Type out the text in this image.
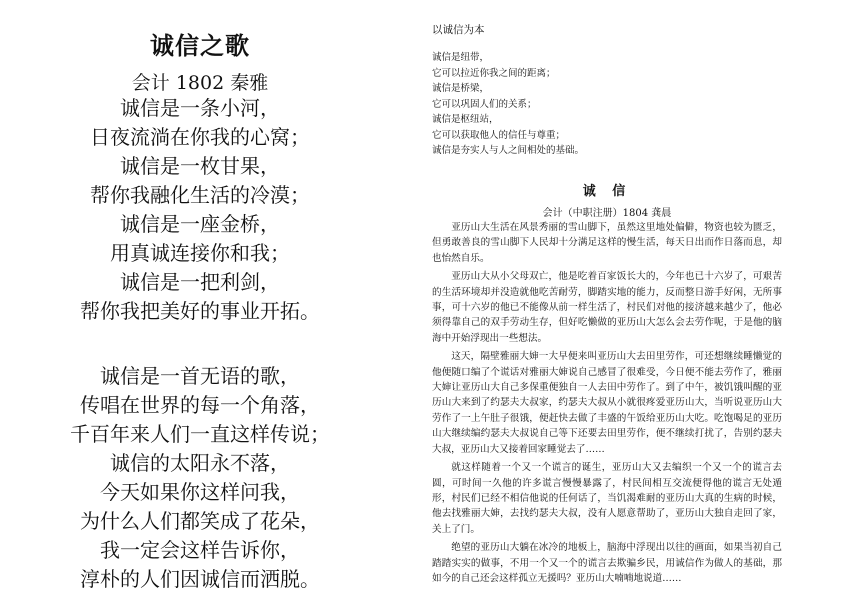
诚信之歌
会计 1802 秦雅
诚信是一条小河，
日夜流淌在你我的心窝；
诚信是一枚甘果，
帮你我融化生活的冷漠；
诚信是一座金桥，
用真诚连接你和我；
诚信是一把利剑，
帮你我把美好的事业开拓。
诚信是一首无语的歌，
传唱在世界的每一个角落，
千百年来人们一直这样传说；
诚信的太阳永不落，
今天如果你这样问我，
为什么人们都笑成了花朵，
我一定会这样告诉你，
淳朴的人们因诚信而洒脱。
以诚信为本
诚信是纽带，
它可以拉近你我之间的距离；
诚信是桥梁，
它可以巩固人们的关系；
诚信是枢纽站，
它可以获取他人的信任与尊重；
诚信是夯实人与人之间相处的基础。
诚 信
会计（中职注册）1804 龚晨

亚历山大生活在风景秀丽的雪山脚下，虽然这里地处偏僻，物资也较为匮乏，但勇敢善良的雪山脚下人民却十分满足这样的慢生活，每天日出而作日落而息，却也怡然自乐。

亚历山大从小父母双亡，他是吃着百家饭长大的，今年也已十六岁了，可艰苦的生活环境却并没造就他吃苦耐劳，脚踏实地的能力，反而整日游手好闲，无所事事，可十六岁的他已不能像从前一样生活了，村民们对他的接济越来越少了，他必须得靠自己的双手劳动生存，但好吃懒做的亚历山大怎么会去劳作呢，于是他的脑海中开始浮现出一些想法。

这天，隔壁雅丽大婶一大早便来叫亚历山大去田里劳作，可还想继续睡懒觉的他便随口编了个谎话对雅丽大婶说自己感冒了很难受，今日便不能去劳作了，雅丽大婶让亚历山大自己多保重便独自一人去田中劳作了。到了中午，被饥饿叫醒的亚历山大来到了约瑟夫大叔家，约瑟夫大叔从小就很疼爱亚历山大，当听说亚历山大劳作了一上午肚子很饿，便赶快去做了丰盛的午饭给亚历山大吃。吃饱喝足的亚历山大继续编约瑟夫大叔说自己等下还要去田里劳作，便不继续打扰了，告别约瑟夫大叔，亚历山大又接着回家睡觉去了……

就这样随着一个又一个谎言的诞生，亚历山大又去编织一个又一个的谎言去圆，可时间一久他的许多谎言慢慢暴露了，村民间相互交流便得他的谎言无处遁形，村民们已经不相信他说的任何话了，当饥渴难耐的亚历山大真的生病的时候，他去找雅丽大婶，去找约瑟夫大叔，没有人愿意帮助了，亚历山大独自走回了家，关上了门。

绝望的亚历山大躺在冰冷的地板上，脑海中浮现出以往的画面，如果当初自己踏踏实实的做事，不用一个又一个的谎言去欺骗乡民，用诚信作为做人的基础，那如今的自己还会这样孤立无援吗？亚历山大喃喃地说道……
